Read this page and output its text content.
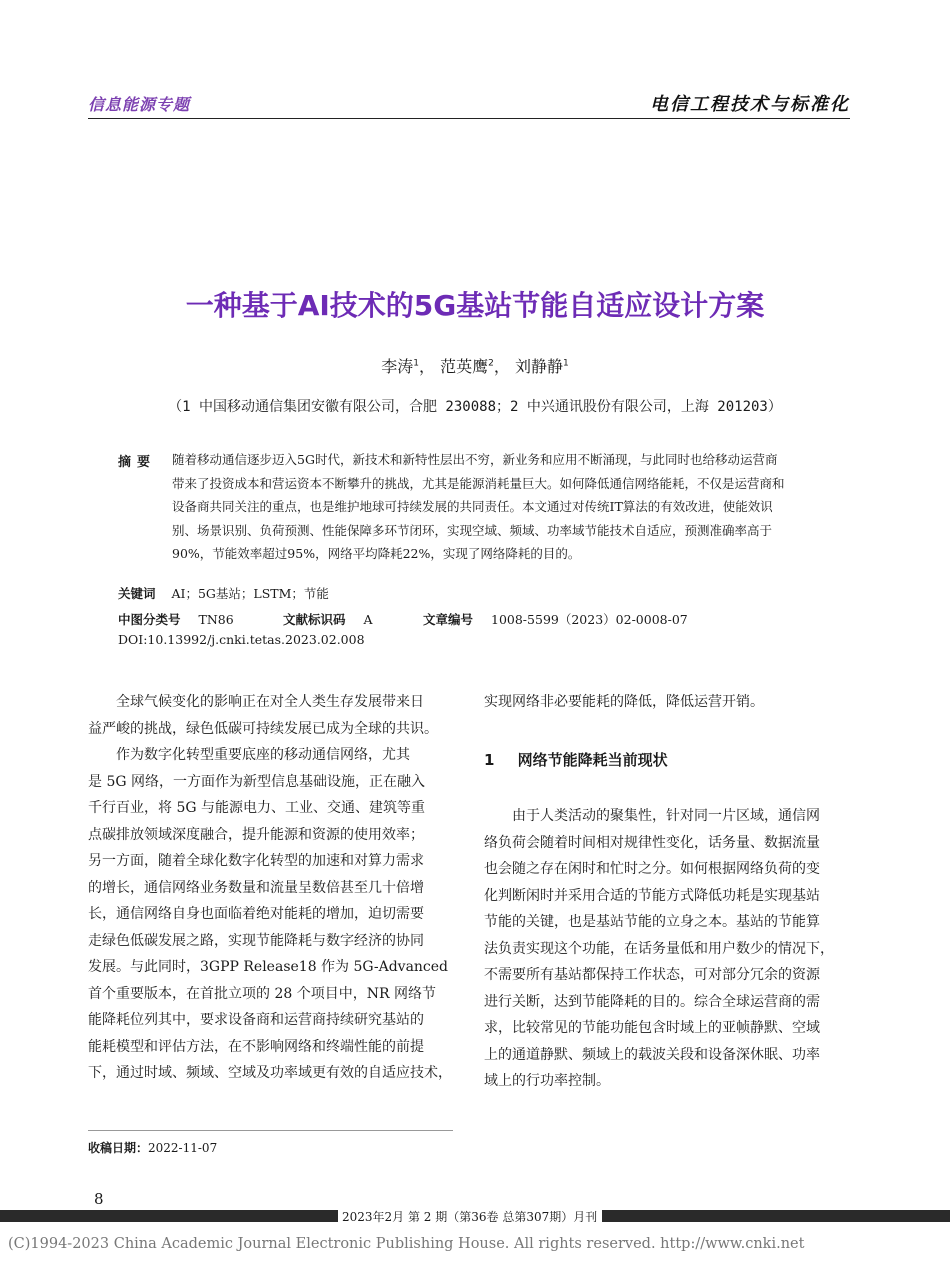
信息能源专题	电信工程技术与标准化
一种基于AI技术的5G基站节能自适应设计方案
李涛$^1$， 范英鹰$^2$， 刘静静$^1$
（1 中国移动通信集团安徽有限公司，合肥 230088；2 中兴通讯股份有限公司，上海 201203）
摘要 随着移动通信逐步迈入5G时代，新技术和新特性层出不穷，新业务和应用不断涌现，与此同时也给移动运营商
带来了投资成本和营运资本不断攀升的挑战，尤其是能源消耗量巨大。如何降低通信网络能耗，不仅是运营商和
设备商共同关注的重点，也是维护地球可持续发展的共同责任。本文通过对传统IT算法的有效改进，使能效识
别、场景识别、负荷预测、性能保障多环节闭环，实现空域、频域、功率域节能技术自适应，预测准确率高于
90%，节能效率超过95%，网络平均降耗22%，实现了网络降耗的目的。
关键词 AI；5G基站；LSTM；节能
中图分类号 TN86	文献标识码 A	文章编号 1008-5599（2023）02-0008-07
DOI:10.13992/j.cnki.tetas.2023.02.008

全球气候变化的影响正在对全人类生存发展带来日
益严峻的挑战，绿色低碳可持续发展已成为全球的共识。

作为数字化转型重要底座的移动通信网络，尤其
是 5G 网络，一方面作为新型信息基础设施，正在融入
千行百业，将 5G 与能源电力、工业、交通、建筑等重
点碳排放领域深度融合，提升能源和资源的使用效率；
另一方面，随着全球化数字化转型的加速和对算力需求
的增长，通信网络业务数量和流量呈数倍甚至几十倍增
长，通信网络自身也面临着绝对能耗的增加，迫切需要
走绿色低碳发展之路，实现节能降耗与数字经济的协同
发展。与此同时，3GPP Release18 作为 5G-Advanced
首个重要版本，在首批立项的 28 个项目中，NR 网络节
能降耗位列其中，要求设备商和运营商持续研究基站的
能耗模型和评估方法，在不影响网络和终端性能的前提
下，通过时域、频域、空域及功率域更有效的自适应技术，

实现网络非必要能耗的降低，降低运营开销。
1 网络节能降耗当前现状

由于人类活动的聚集性，针对同一片区域，通信网
络负荷会随着时间相对规律性变化，话务量、数据流量
也会随之存在闲时和忙时之分。如何根据网络负荷的变
化判断闲时并采用合适的节能方式降低功耗是实现基站
节能的关键，也是基站节能的立身之本。基站的节能算
法负责实现这个功能，在话务量低和用户数少的情况下，
不需要所有基站都保持工作状态，可对部分冗余的资源
进行关断，达到节能降耗的目的。综合全球运营商的需
求，比较常见的节能功能包含时域上的亚帧静默、空域
上的通道静默、频域上的载波关段和设备深休眠、功率
域上的行功率控制。

收稿日期：2022-11-07
8
2023年2月 第 2 期（第36卷 总第307期）月刊
(C)1994-2023 China Academic Journal Electronic Publishing House. All rights reserved. http://www.cnki.net
